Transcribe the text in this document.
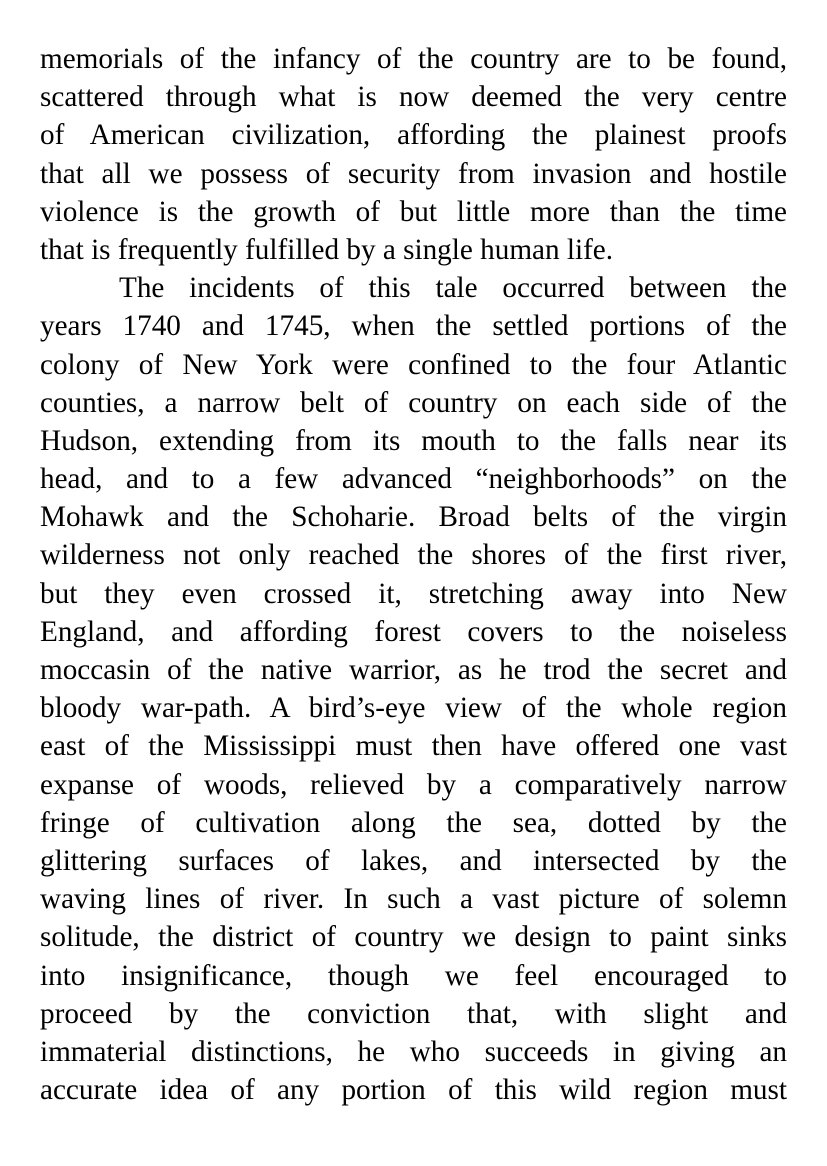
memorials of the infancy of the country are to be found,
scattered through what is now deemed the very centre
of American civilization, affording the plainest proofs
that all we possess of security from invasion and hostile
violence is the growth of but little more than the time
that is frequently fulfilled by a single human life.
The incidents of this tale occurred between the
years 1740 and 1745, when the settled portions of the
colony of New York were confined to the four Atlantic
counties, a narrow belt of country on each side of the
Hudson, extending from its mouth to the falls near its
head, and to a few advanced “neighborhoods” on the
Mohawk and the Schoharie. Broad belts of the virgin
wilderness not only reached the shores of the first river,
but they even crossed it, stretching away into New
England, and affording forest covers to the noiseless
moccasin of the native warrior, as he trod the secret and
bloody war-path. A bird’s-eye view of the whole region
east of the Mississippi must then have offered one vast
expanse of woods, relieved by a comparatively narrow
fringe of cultivation along the sea, dotted by the
glittering surfaces of lakes, and intersected by the
waving lines of river. In such a vast picture of solemn
solitude, the district of country we design to paint sinks
into insignificance, though we feel encouraged to
proceed by the conviction that, with slight and
immaterial distinctions, he who succeeds in giving an
accurate idea of any portion of this wild region must
